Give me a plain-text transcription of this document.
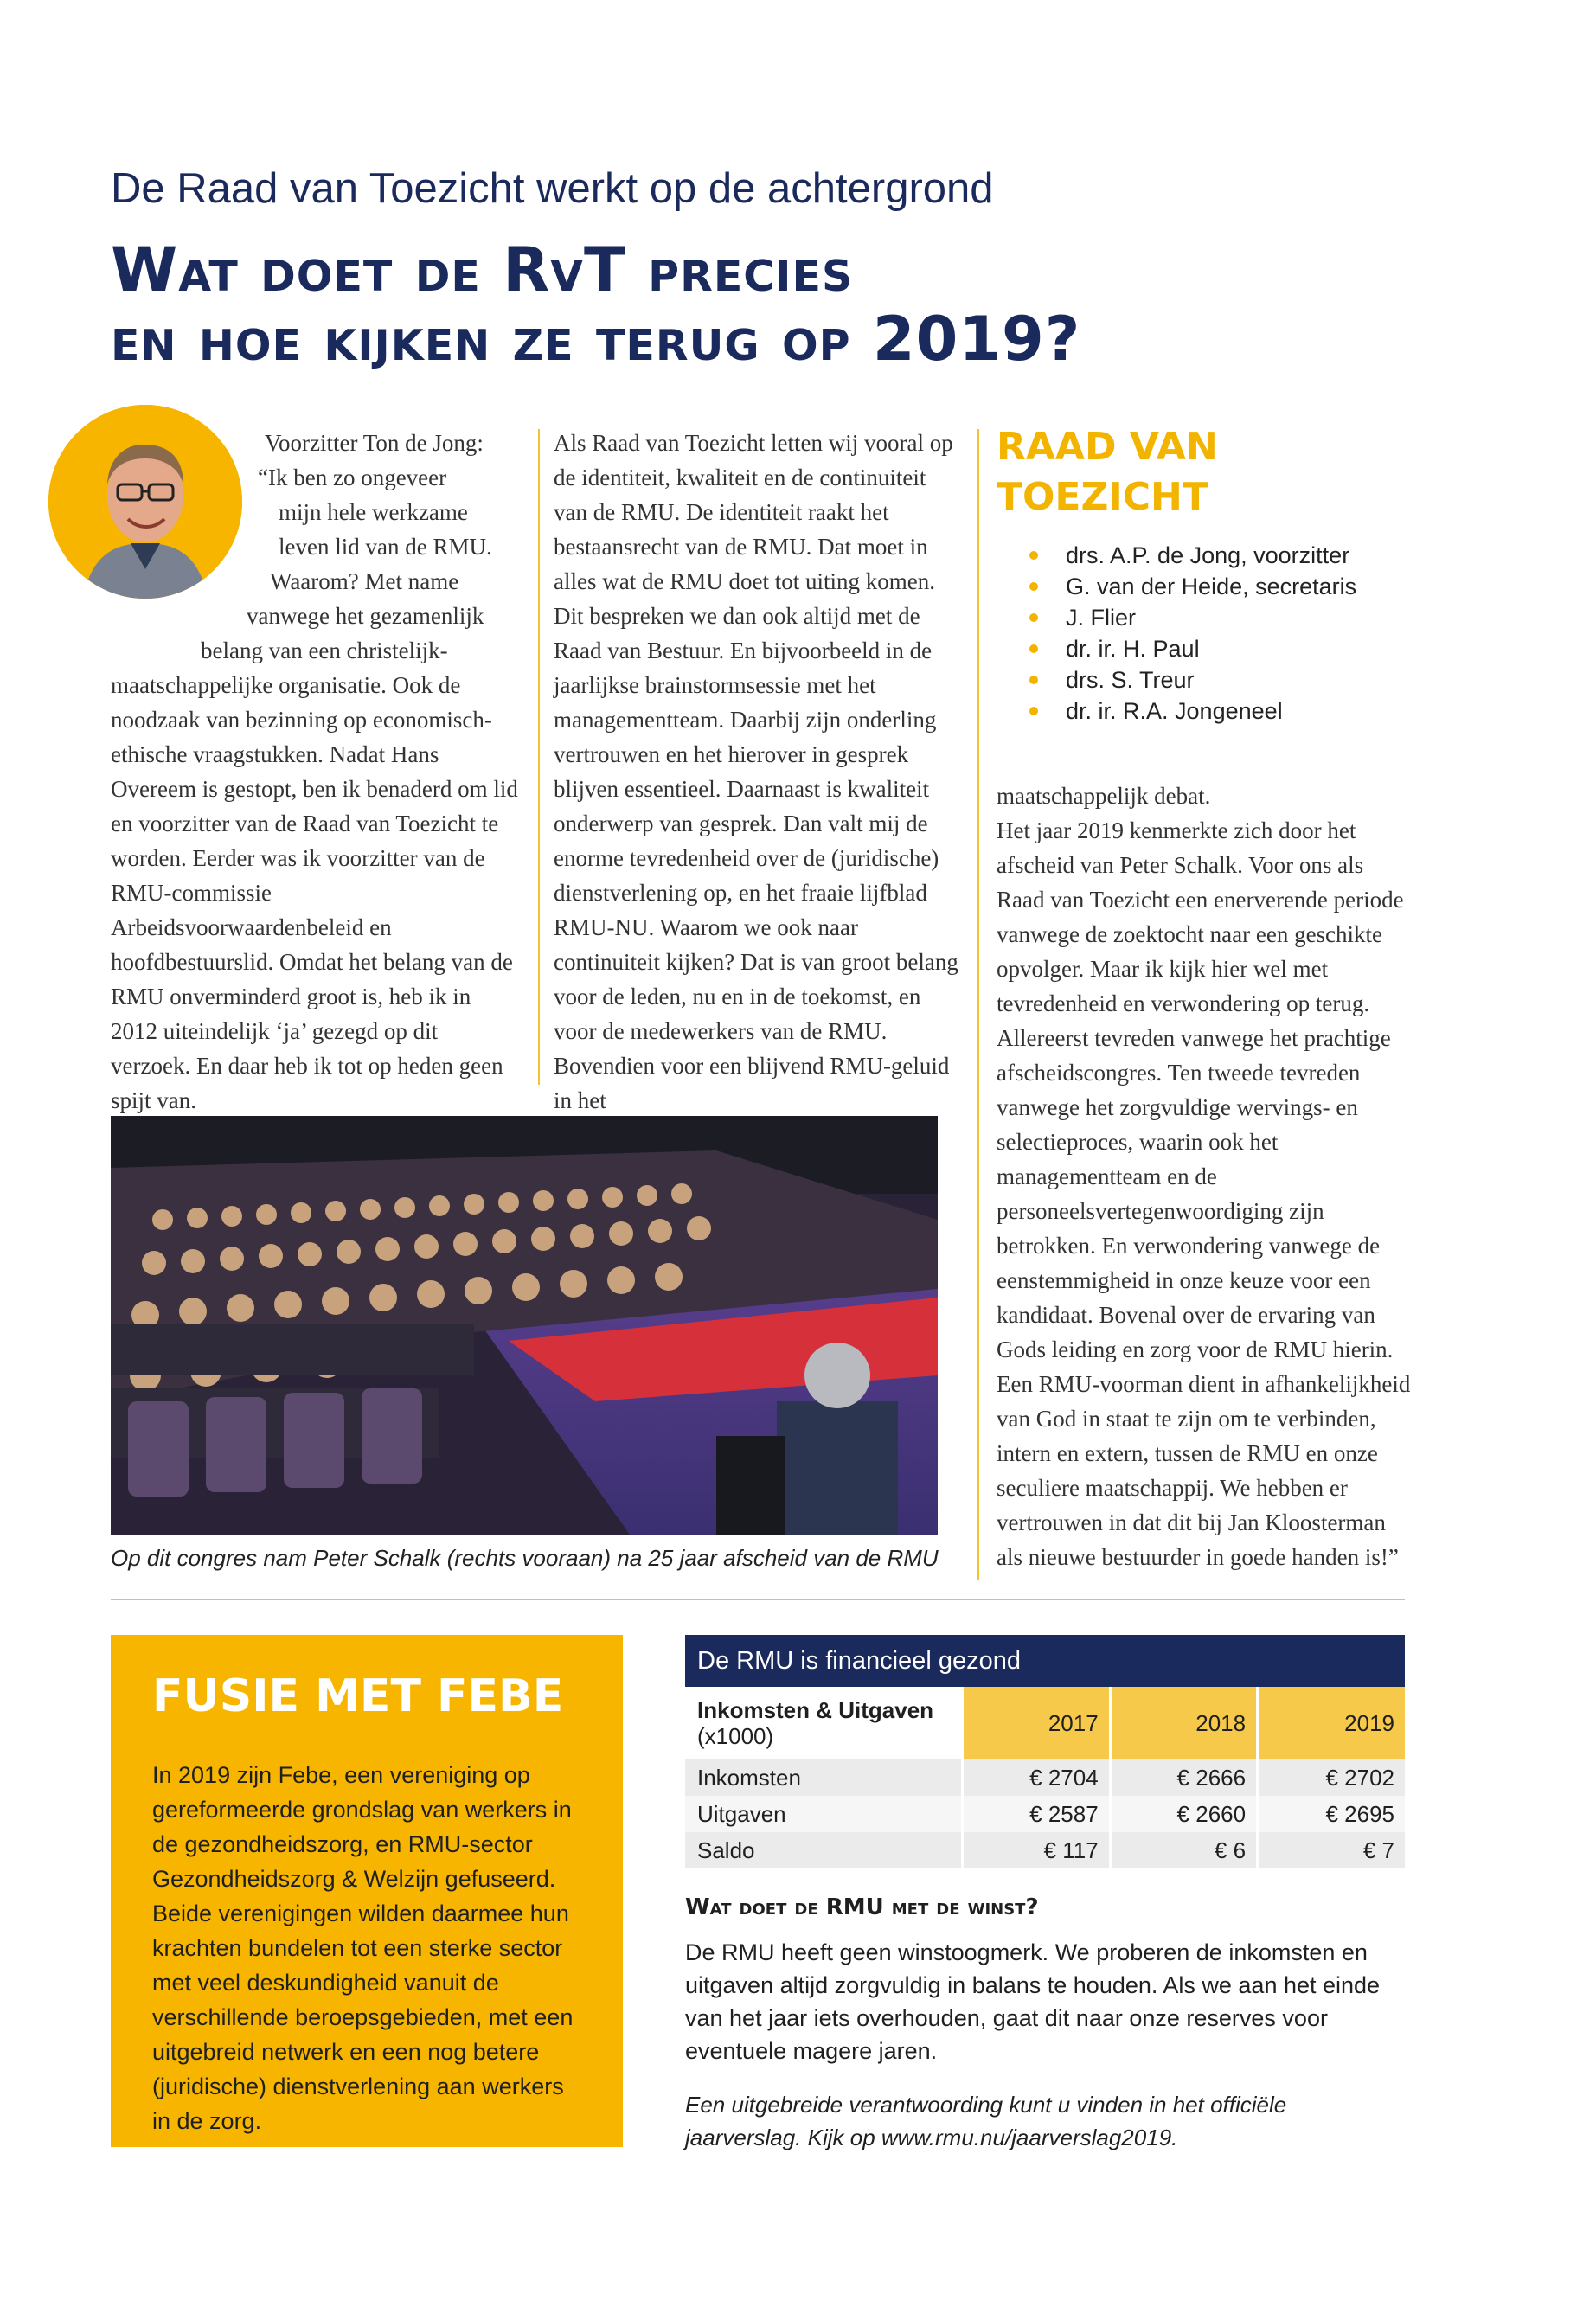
De Raad van Toezicht werkt op de achtergrond
Wat doet de RvT precies
en hoe kijken ze terug op 2019?
Voorzitter Ton de Jong:
“Ik ben zo ongeveer
mijn hele werkzame
leven lid van de RMU.
Waarom? Met name
vanwege het gezamenlijk
belang van een christelijk-

maatschappelijke organisatie. Ook de noodzaak van bezinning op economisch-ethische vraagstukken. Nadat Hans Overeem is gestopt, ben ik benaderd om lid en voorzitter van de Raad van Toezicht te worden. Eerder was ik voorzitter van de RMU-commissie Arbeidsvoorwaardenbeleid en hoofdbestuurslid. Omdat het belang van de RMU onverminderd groot is, heb ik in 2012 uiteindelijk ‘ja’ gezegd op dit verzoek. En daar heb ik tot op heden geen spijt van.

Als Raad van Toezicht letten wij vooral op de identiteit, kwaliteit en de continuiteit van de RMU. De identiteit raakt het bestaansrecht van de RMU. Dat moet in alles wat de RMU doet tot uiting komen. Dit bespreken we dan ook altijd met de Raad van Bestuur. En bijvoorbeeld in de jaarlijkse brainstormsessie met het managementteam. Daarbij zijn onderling vertrouwen en het hierover in gesprek blijven essentieel. Daarnaast is kwaliteit onderwerp van gesprek. Dan valt mij de enorme tevredenheid over de (juridische) dienstverlening op, en het fraaie lijfblad RMU-NU. Waarom we ook naar continuiteit kijken? Dat is van groot belang voor de leden, nu en in de toekomst, en voor de medewerkers van de RMU. Bovendien voor een blijvend RMU-geluid in het

RAAD VAN
TOEZICHT
drs. A.P. de Jong, voorzitter
G. van der Heide, secretaris
J. Flier
dr. ir. H. Paul
drs. S. Treur
dr. ir. R.A. Jongeneel

maatschappelijk debat.

Het jaar 2019 kenmerkte zich door het afscheid van Peter Schalk. Voor ons als Raad van Toezicht een enerverende periode vanwege de zoektocht naar een geschikte opvolger. Maar ik kijk hier wel met tevredenheid en verwondering op terug. Allereerst tevreden vanwege het prachtige afscheidscongres. Ten tweede tevreden vanwege het zorgvuldige wervings- en selectieproces, waarin ook het managementteam en de personeelsvertegenwoordiging zijn betrokken. En verwondering vanwege de eenstemmigheid in onze keuze voor een kandidaat. Bovenal over de ervaring van Gods leiding en zorg voor de RMU hierin. Een RMU-voorman dient in afhankelijkheid van God in staat te zijn om te verbinden, intern en extern, tussen de RMU en onze seculiere maatschappij. We hebben er vertrouwen in dat dit bij Jan Kloosterman als nieuwe bestuurder in goede handen is!”

Op dit congres nam Peter Schalk (rechts vooraan) na 25 jaar afscheid van de RMU
FUSIE MET FEBE

In 2019 zijn Febe, een vereniging op gereformeerde grondslag van werkers in de gezondheidszorg, en RMU-sector Gezondheidszorg & Welzijn gefuseerd. Beide verenigingen wilden daarmee hun krachten bundelen tot een sterke sector met veel deskundigheid vanuit de verschillende beroepsgebieden, met een uitgebreid netwerk en een nog betere (juridische) dienstverlening aan werkers in de zorg.

De RMU is financieel gezond
Inkomsten & Uitgaven
(x1000)	2017	2018	2019
Inkomsten	€ 2704	€ 2666	€ 2702
Uitgaven	€ 2587	€ 2660	€ 2695
Saldo	€ 117	€ 6	€ 7
Wat doet de RMU met de winst?

De RMU heeft geen winstoogmerk. We proberen de inkomsten en uitgaven altijd zorgvuldig in balans te houden. Als we aan het einde van het jaar iets overhouden, gaat dit naar onze reserves voor eventuele magere jaren.

Een uitgebreide verantwoording kunt u vinden in het officiële jaarverslag. Kijk op www.rmu.nu/jaarverslag2019.
